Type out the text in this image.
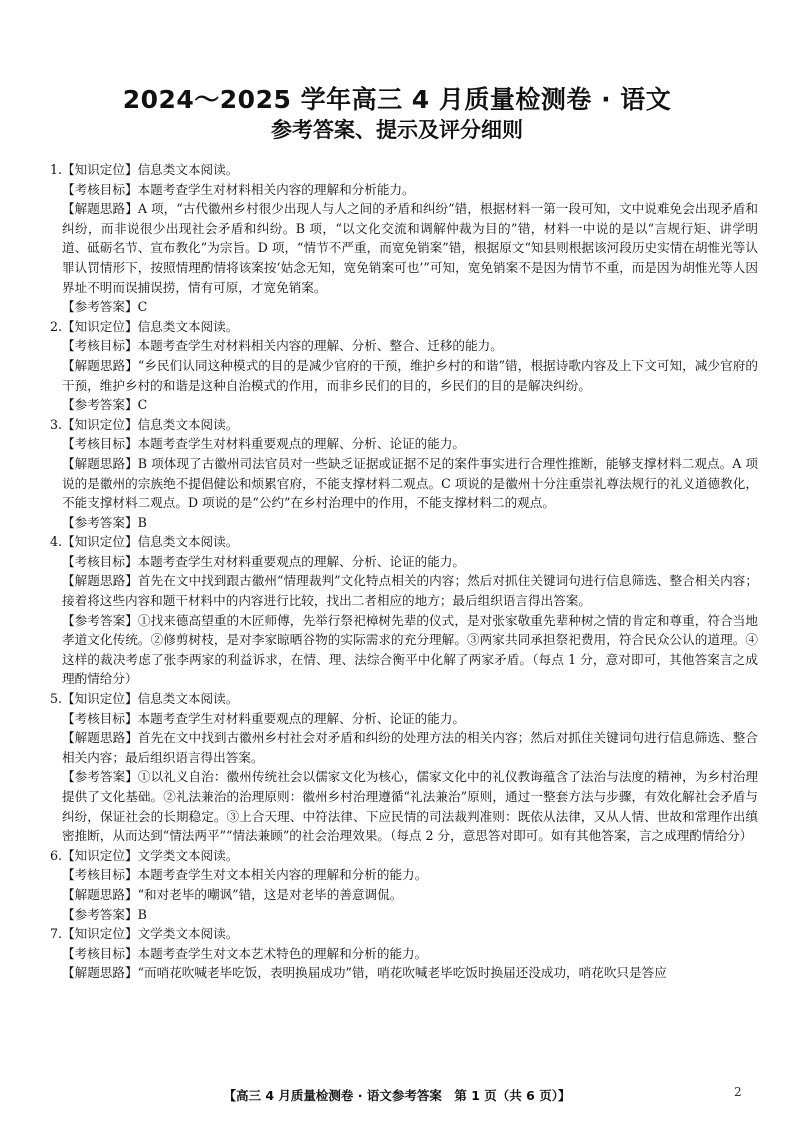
2024～2025 学年高三 4 月质量检测卷 · 语文
参考答案、提示及评分细则

1.【知识定位】信息类文本阅读。

【考核目标】本题考查学生对材料相关内容的理解和分析能力。

【解题思路】A 项，“古代徽州乡村很少出现人与人之间的矛盾和纠纷”错，根据材料一第一段可知，文中说难免会出现矛盾和纠纷，而非说很少出现社会矛盾和纠纷。B 项，“以文化交流和调解仲裁为目的”错，材料一中说的是以“言规行矩、讲学明道、砥砺名节、宣布教化”为宗旨。D 项，“情节不严重，而宽免销案”错，根据原文“知县则根据该河段历史实情在胡惟光等认罪认罚情形下，按照情理酌情将该案按‘姑念无知，宽免销案可也’”可知，宽免销案不是因为情节不重，而是因为胡惟光等人因界址不明而误捕误捞，情有可原，才宽免销案。

【参考答案】C

2.【知识定位】信息类文本阅读。

【考核目标】本题考查学生对材料相关内容的理解、分析、整合、迁移的能力。

【解题思路】“乡民们认同这种模式的目的是减少官府的干预，维护乡村的和谐”错，根据诗歌内容及上下文可知，减少官府的干预，维护乡村的和谐是这种自治模式的作用，而非乡民们的目的，乡民们的目的是解决纠纷。

【参考答案】C

3.【知识定位】信息类文本阅读。

【考核目标】本题考查学生对材料重要观点的理解、分析、论证的能力。

【解题思路】B 项体现了古徽州司法官员对一些缺乏证据或证据不足的案件事实进行合理性推断，能够支撑材料二观点。A 项说的是徽州的宗族绝不提倡健讼和烦累官府，不能支撑材料二观点。C 项说的是徽州十分注重崇礼尊法规行的礼义道德教化，不能支撑材料二观点。D 项说的是“公约”在乡村治理中的作用，不能支撑材料二的观点。

【参考答案】B

4.【知识定位】信息类文本阅读。

【考核目标】本题考查学生对材料重要观点的理解、分析、论证的能力。

【解题思路】首先在文中找到跟古徽州“情理裁判”文化特点相关的内容；然后对抓住关键词句进行信息筛选、整合相关内容；接着将这些内容和题干材料中的内容进行比较，找出二者相应的地方；最后组织语言得出答案。

【参考答案】①找来德高望重的木匠师傅，先举行祭祀樟树先辈的仪式，是对张家敬重先辈种树之情的肯定和尊重，符合当地孝道文化传统。②修剪树枝，是对李家晾晒谷物的实际需求的充分理解。③两家共同承担祭祀费用，符合民众公认的道理。④这样的裁决考虑了张李两家的利益诉求，在情、理、法综合衡平中化解了两家矛盾。（每点 1 分，意对即可，其他答案言之成理酌情给分）

5.【知识定位】信息类文本阅读。

【考核目标】本题考查学生对材料重要观点的理解、分析、论证的能力。

【解题思路】首先在文中找到古徽州乡村社会对矛盾和纠纷的处理方法的相关内容；然后对抓住关键词句进行信息筛选、整合相关内容；最后组织语言得出答案。

【参考答案】①以礼义自治：徽州传统社会以儒家文化为核心，儒家文化中的礼仪教诲蕴含了法治与法度的精神，为乡村治理提供了文化基础。②礼法兼治的治理原则：徽州乡村治理遵循“礼法兼治”原则，通过一整套方法与步骤，有效化解社会矛盾与纠纷，保证社会的长期稳定。③上合天理、中符法律、下应民情的司法裁判准则：既依从法律，又从人情、世故和常理作出缜密推断，从而达到“情法两平”“情法兼顾”的社会治理效果。（每点 2 分，意思答对即可。如有其他答案，言之成理酌情给分）

6.【知识定位】文学类文本阅读。

【考核目标】本题考查学生对文本相关内容的理解和分析的能力。

【解题思路】“和对老毕的嘲讽”错，这是对老毕的善意调侃。

【参考答案】B

7.【知识定位】文学类文本阅读。

【考核目标】本题考查学生对文本艺术特色的理解和分析的能力。

【解题思路】“而哨花吹喊老毕吃饭，表明换届成功”错，哨花吹喊老毕吃饭时换届还没成功，哨花吹只是答应

【高三 4 月质量检测卷 · 语文参考答案　第 1 页（共 6 页）】	2
